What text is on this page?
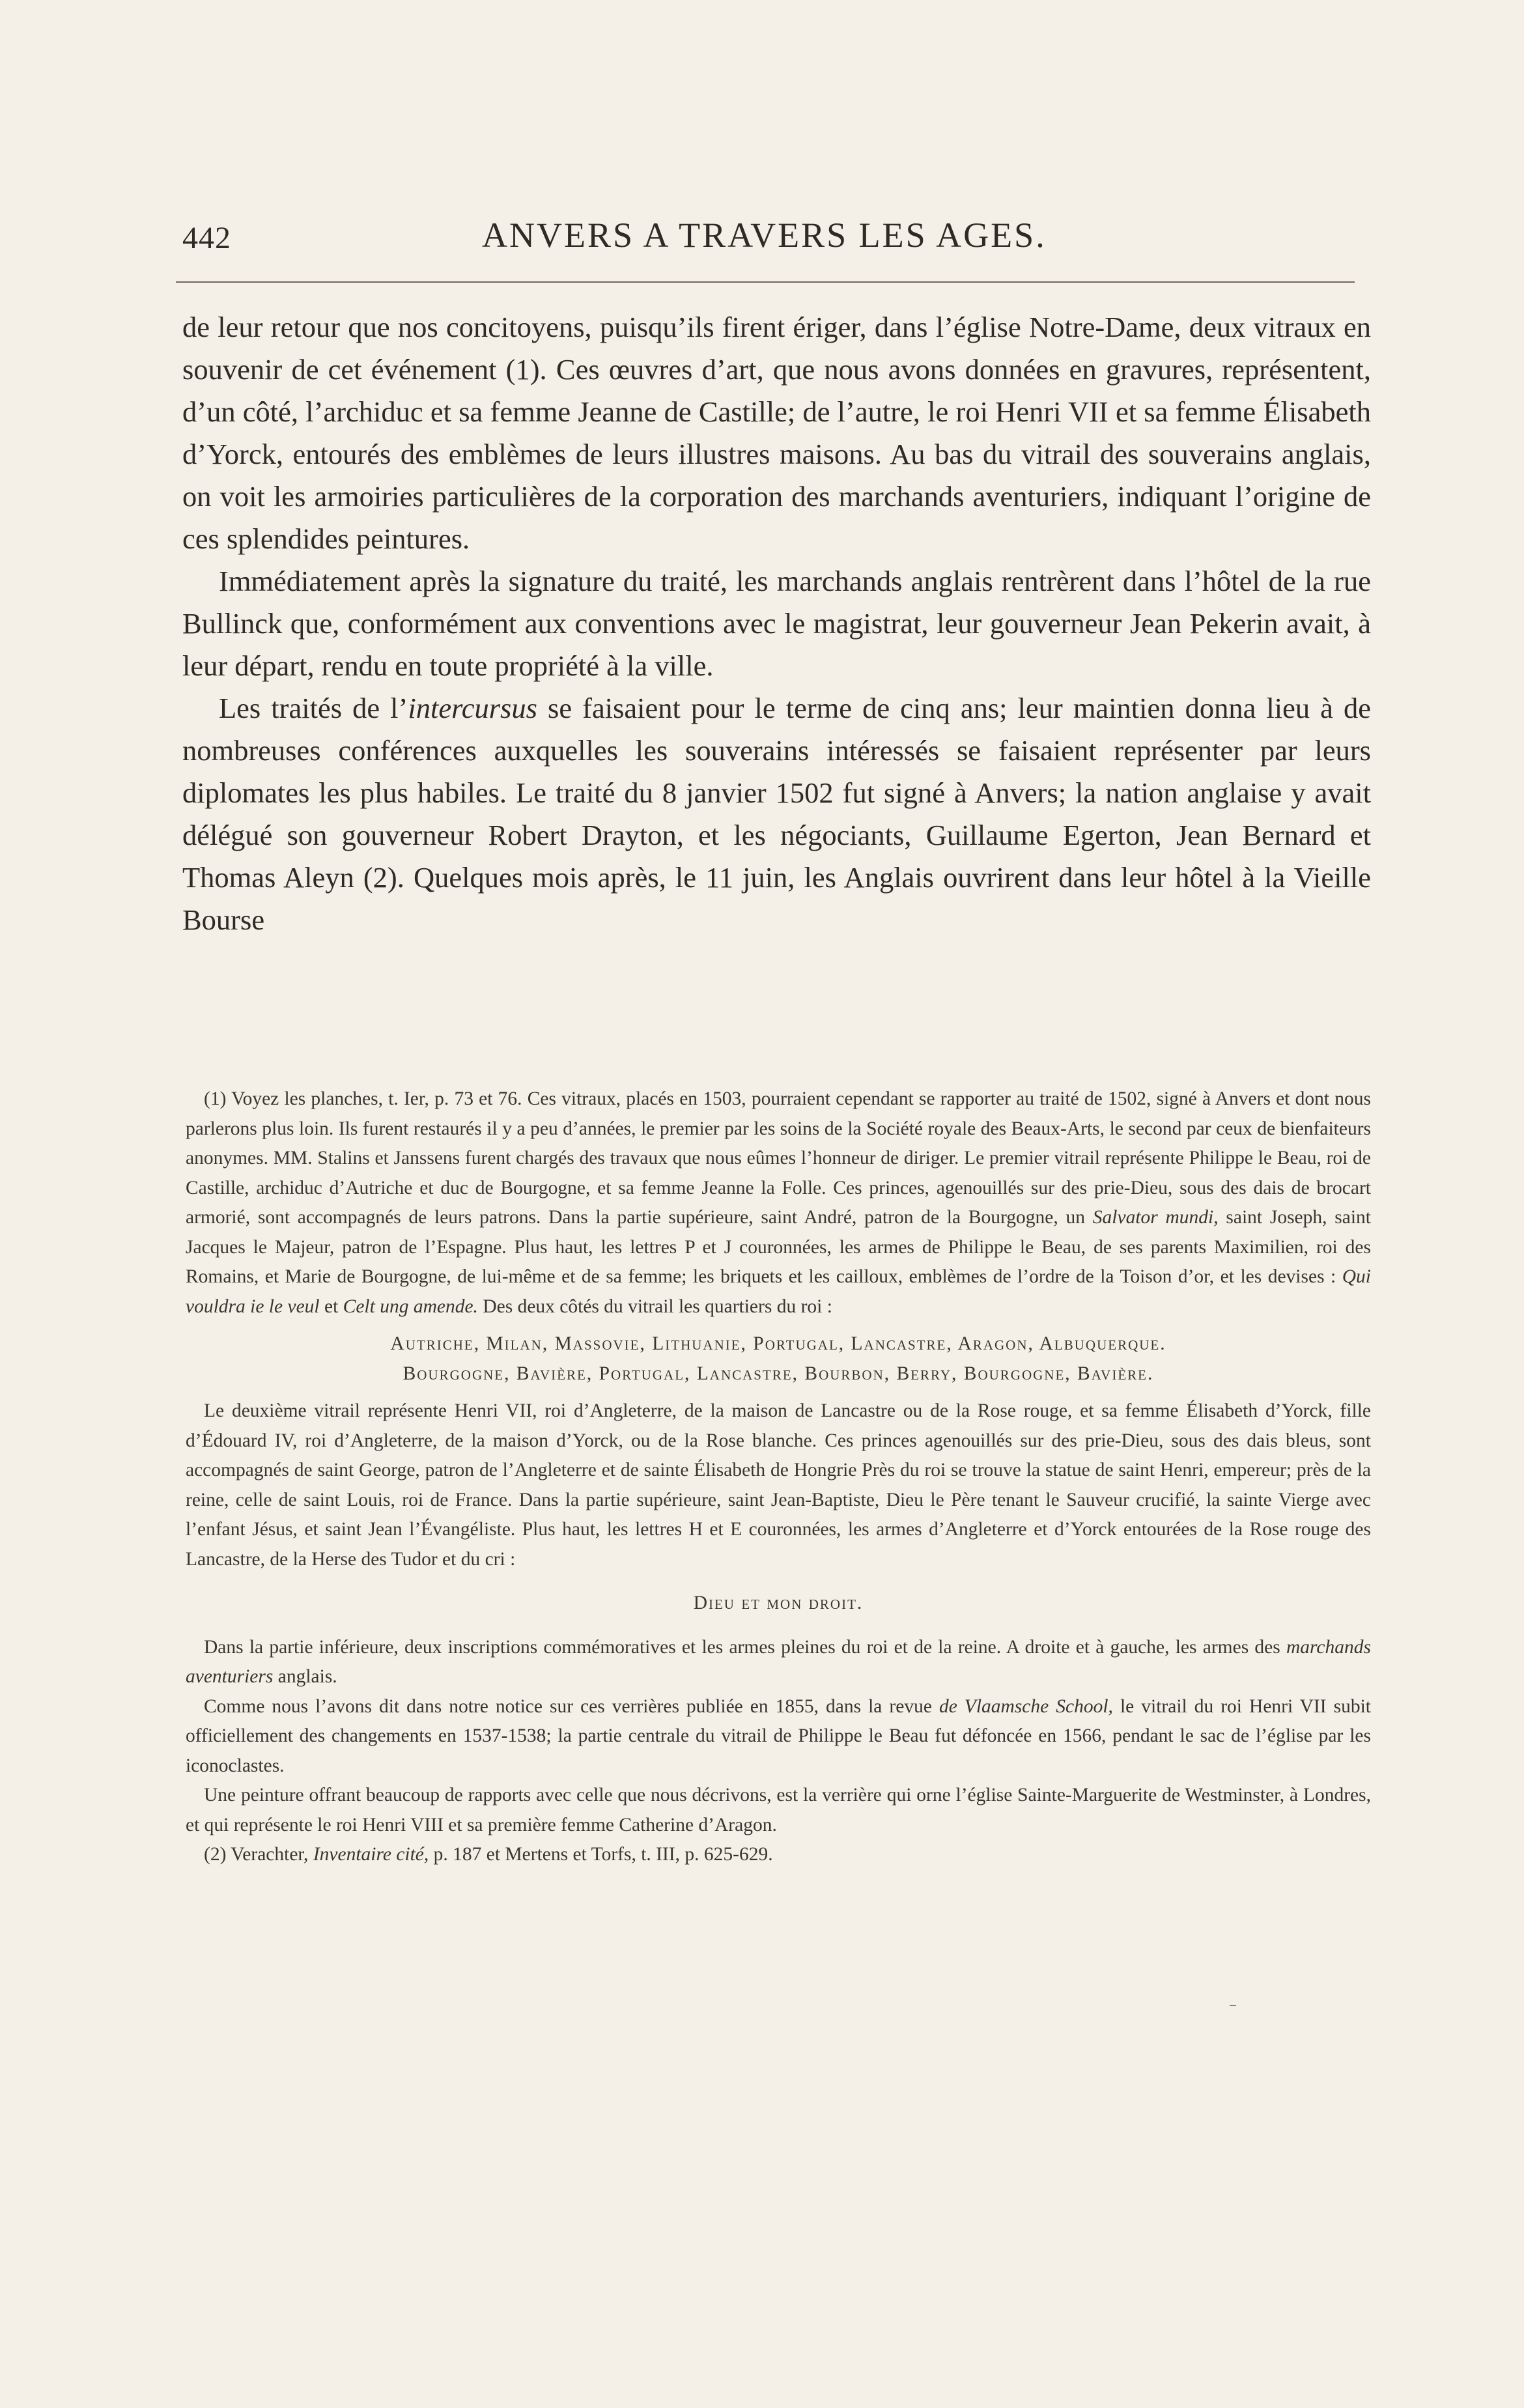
442	ANVERS A TRAVERS LES AGES.

de leur retour que nos concitoyens, puisqu’ils firent ériger, dans l’église Notre-Dame, deux vitraux en souvenir de cet événement (1). Ces œuvres d’art, que nous avons données en gravures, représentent, d’un côté, l’archiduc et sa femme Jeanne de Castille; de l’autre, le roi Henri VII et sa femme Élisabeth d’Yorck, entourés des emblèmes de leurs illustres maisons. Au bas du vitrail des souverains anglais, on voit les armoiries particulières de la corporation des marchands aventuriers, indiquant l’origine de ces splendides peintures.

Immédiatement après la signature du traité, les marchands anglais rentrèrent dans l’hôtel de la rue Bullinck que, conformément aux conventions avec le magistrat, leur gouverneur Jean Pekerin avait, à leur départ, rendu en toute propriété à la ville.

Les traités de l’intercursus se faisaient pour le terme de cinq ans; leur maintien donna lieu à de nombreuses conférences auxquelles les souverains intéressés se faisaient représenter par leurs diplomates les plus habiles. Le traité du 8 janvier 1502 fut signé à Anvers; la nation anglaise y avait délégué son gouverneur Robert Drayton, et les négociants, Guillaume Egerton, Jean Bernard et Thomas Aleyn (2). Quelques mois après, le 11 juin, les Anglais ouvrirent dans leur hôtel à la Vieille Bourse

(1) Voyez les planches, t. Ier, p. 73 et 76. Ces vitraux, placés en 1503, pourraient cependant se rapporter au traité de 1502, signé à Anvers et dont nous parlerons plus loin. Ils furent restaurés il y a peu d’années, le premier par les soins de la Société royale des Beaux-Arts, le second par ceux de bienfaiteurs anonymes. MM. Stalins et Janssens furent chargés des travaux que nous eûmes l’honneur de diriger. Le premier vitrail représente Philippe le Beau, roi de Castille, archiduc d’Autriche et duc de Bourgogne, et sa femme Jeanne la Folle. Ces princes, agenouillés sur des prie-Dieu, sous des dais de brocart armorié, sont accompagnés de leurs patrons. Dans la partie supérieure, saint André, patron de la Bourgogne, un Salvator mundi, saint Joseph, saint Jacques le Majeur, patron de l’Espagne. Plus haut, les lettres P et J couronnées, les armes de Philippe le Beau, de ses parents Maximilien, roi des Romains, et Marie de Bourgogne, de lui-même et de sa femme; les briquets et les cailloux, emblèmes de l’ordre de la Toison d’or, et les devises : Qui vouldra ie le veul et Celt ung amende. Des deux côtés du vitrail les quartiers du roi :

Autriche, Milan, Massovie, Lithuanie, Portugal, Lancastre, Aragon, Albuquerque.

Bourgogne, Bavière, Portugal, Lancastre, Bourbon, Berry, Bourgogne, Bavière.

Le deuxième vitrail représente Henri VII, roi d’Angleterre, de la maison de Lancastre ou de la Rose rouge, et sa femme Élisabeth d’Yorck, fille d’Édouard IV, roi d’Angleterre, de la maison d’Yorck, ou de la Rose blanche. Ces princes agenouillés sur des prie-Dieu, sous des dais bleus, sont accompagnés de saint George, patron de l’Angleterre et de sainte Élisabeth de Hongrie Près du roi se trouve la statue de saint Henri, empereur; près de la reine, celle de saint Louis, roi de France. Dans la partie supérieure, saint Jean-Baptiste, Dieu le Père tenant le Sauveur crucifié, la sainte Vierge avec l’enfant Jésus, et saint Jean l’Évangéliste. Plus haut, les lettres H et E couronnées, les armes d’Angleterre et d’Yorck entourées de la Rose rouge des Lancastre, de la Herse des Tudor et du cri :

Dieu et mon droit.

Dans la partie inférieure, deux inscriptions commémoratives et les armes pleines du roi et de la reine. A droite et à gauche, les armes des marchands aventuriers anglais.

Comme nous l’avons dit dans notre notice sur ces verrières publiée en 1855, dans la revue de Vlaamsche School, le vitrail du roi Henri VII subit officiellement des changements en 1537-1538; la partie centrale du vitrail de Philippe le Beau fut défoncée en 1566, pendant le sac de l’église par les iconoclastes.

Une peinture offrant beaucoup de rapports avec celle que nous décrivons, est la verrière qui orne l’église Sainte-Marguerite de Westminster, à Londres, et qui représente le roi Henri VIII et sa première femme Catherine d’Aragon.

(2) Verachter, Inventaire cité, p. 187 et Mertens et Torfs, t. III, p. 625-629.
